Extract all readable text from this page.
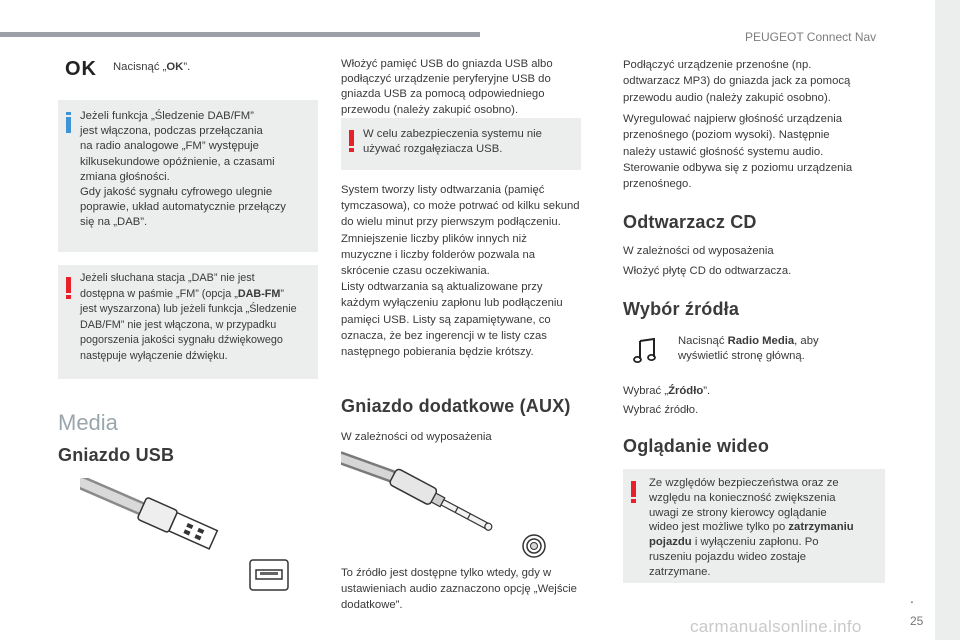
PEUGEOT Connect Nav
.
25
carmanualsonline.info
OK Nacisnąć „OK”.
Jeżeli funkcja „Śledzenie DAB/FM”
jest włączona, podczas przełączania
na radio analogowe „FM” występuje
kilkusekundowe opóźnienie, a czasami
zmiana głośności.
Gdy jakość sygnału cyfrowego ulegnie
poprawie, układ automatycznie przełączy
się na „DAB”.
Jeżeli słuchana stacja „DAB” nie jest
dostępna w paśmie „FM” (opcja „DAB-FM”
jest wyszarzona) lub jeżeli funkcja „Śledzenie
DAB/FM” nie jest włączona, w przypadku
pogorszenia jakości sygnału dźwiękowego
następuje wyłączenie dźwięku.
Media
Gniazdo USB
Włożyć pamięć USB do gniazda USB albo
podłączyć urządzenie peryferyjne USB do
gniazda USB za pomocą odpowiedniego
przewodu (należy zakupić osobno).
W celu zabezpieczenia systemu nie
używać rozgałęziacza USB.
System tworzy listy odtwarzania (pamięć
tymczasowa), co może potrwać od kilku sekund
do wielu minut przy pierwszym podłączeniu.
Zmniejszenie liczby plików innych niż
muzyczne i liczby folderów pozwala na
skrócenie czasu oczekiwania.
Listy odtwarzania są aktualizowane przy
każdym wyłączeniu zapłonu lub podłączeniu
pamięci USB. Listy są zapamiętywane, co
oznacza, że bez ingerencji w te listy czas
następnego pobierania będzie krótszy.
Gniazdo dodatkowe (AUX)
W zależności od wyposażenia
To źródło jest dostępne tylko wtedy, gdy w
ustawieniach audio zaznaczono opcję „Wejście
dodatkowe”.
Podłączyć urządzenie przenośne (np.
odtwarzacz MP3) do gniazda jack za pomocą
przewodu audio (należy zakupić osobno).
Wyregulować najpierw głośność urządzenia
przenośnego (poziom wysoki). Następnie
należy ustawić głośność systemu audio.
Sterowanie odbywa się z poziomu urządzenia
przenośnego.
Odtwarzacz CD
W zależności od wyposażenia
Włożyć płytę CD do odtwarzacza.
Wybór źródła
Nacisnąć Radio Media, aby
wyświetlić stronę główną.
Wybrać „Źródło”.
Wybrać źródło.
Oglądanie wideo
Ze względów bezpieczeństwa oraz ze
względu na konieczność zwiększenia
uwagi ze strony kierowcy oglądanie
wideo jest możliwe tylko po zatrzymaniu
pojazdu i wyłączeniu zapłonu. Po
ruszeniu pojazdu wideo zostaje
zatrzymane.
